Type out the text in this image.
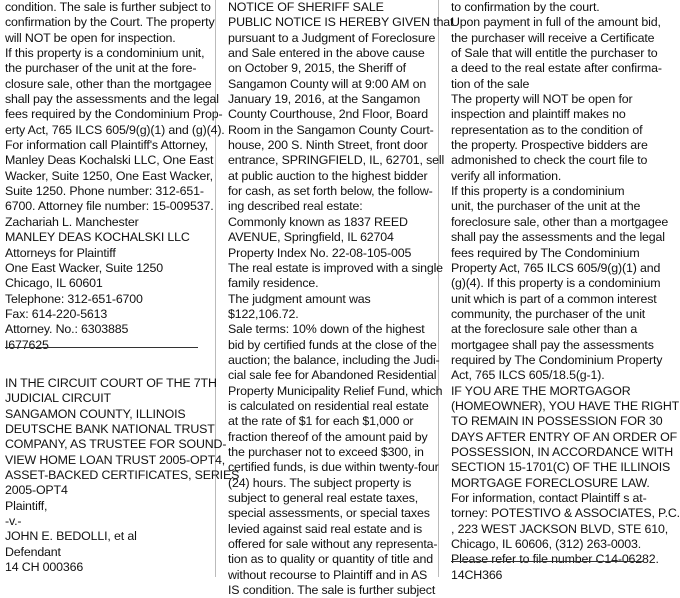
condition. The sale is further subject to
confirmation by the Court. The property
will NOT be open for inspection.
If this property is a condominium unit,
the purchaser of the unit at the fore-
closure sale, other than the mortgagee
shall pay the assessments and the legal
fees required by the Condominium Prop-
erty Act, 765 ILCS 605/9(g)(1) and (g)(4).
For information call Plaintiff's Attorney,
Manley Deas Kochalski LLC, One East
Wacker, Suite 1250, One East Wacker,
Suite 1250. Phone number: 312-651-
6700. Attorney file number: 15-009537.
Zachariah L. Manchester
MANLEY DEAS KOCHALSKI LLC
Attorneys for Plaintiff
One East Wacker, Suite 1250
Chicago, IL 60601
Telephone: 312-651-6700
Fax: 614-220-5613
Attorney. No.: 6303885
I677625
IN THE CIRCUIT COURT OF THE 7TH
JUDICIAL CIRCUIT
SANGAMON COUNTY, ILLINOIS
DEUTSCHE BANK NATIONAL TRUST
COMPANY, AS TRUSTEE FOR SOUND-
VIEW HOME LOAN TRUST 2005-OPT4,
ASSET-BACKED CERTIFICATES, SERIES
2005-OPT4
Plaintiff,
-v.-
JOHN E. BEDOLLI, et al
Defendant
14 CH 000366
NOTICE OF SHERIFF SALE
PUBLIC NOTICE IS HEREBY GIVEN that
pursuant to a Judgment of Foreclosure
and Sale entered in the above cause
on October 9, 2015, the Sheriff of
Sangamon County will at 9:00 AM on
January 19, 2016, at the Sangamon
County Courthouse, 2nd Floor, Board
Room in the Sangamon County Court-
house, 200 S. Ninth Street, front door
entrance, SPRINGFIELD, IL, 62701, sell
at public auction to the highest bidder
for cash, as set forth below, the follow-
ing described real estate:
Commonly known as 1837 REED
AVENUE, Springfield, IL 62704
Property Index No. 22-08-105-005
The real estate is improved with a single
family residence.
The judgment amount was
$122,106.72.
Sale terms: 10% down of the highest
bid by certified funds at the close of the
auction; the balance, including the Judi-
cial sale fee for Abandoned Residential
Property Municipality Relief Fund, which
is calculated on residential real estate
at the rate of $1 for each $1,000 or
fraction thereof of the amount paid by
the purchaser not to exceed $300, in
certified funds, is due within twenty-four
(24) hours. The subject property is
subject to general real estate taxes,
special assessments, or special taxes
levied against said real estate and is
offered for sale without any representa-
tion as to quality or quantity of title and
without recourse to Plaintiff and in AS
IS condition. The sale is further subject
to confirmation by the court.
Upon payment in full of the amount bid,
the purchaser will receive a Certificate
of Sale that will entitle the purchaser to
a deed to the real estate after confirma-
tion of the sale
The property will NOT be open for
inspection and plaintiff makes no
representation as to the condition of
the property. Prospective bidders are
admonished to check the court file to
verify all information.
If this property is a condominium
unit, the purchaser of the unit at the
foreclosure sale, other than a mortgagee
shall pay the assessments and the legal
fees required by The Condominium
Property Act, 765 ILCS 605/9(g)(1) and
(g)(4). If this property is a condominium
unit which is part of a common interest
community, the purchaser of the unit
at the foreclosure sale other than a
mortgagee shall pay the assessments
required by The Condominium Property
Act, 765 ILCS 605/18.5(g-1).
IF YOU ARE THE MORTGAGOR
(HOMEOWNER), YOU HAVE THE RIGHT
TO REMAIN IN POSSESSION FOR 30
DAYS AFTER ENTRY OF AN ORDER OF
POSSESSION, IN ACCORDANCE WITH
SECTION 15-1701(C) OF THE ILLINOIS
MORTGAGE FORECLOSURE LAW.
For information, contact Plaintiff s at-
torney: POTESTIVO & ASSOCIATES, P.C.
, 223 WEST JACKSON BLVD, STE 610,
Chicago, IL 60606, (312) 263-0003.
Please refer to file number C14-06282.
14CH366
